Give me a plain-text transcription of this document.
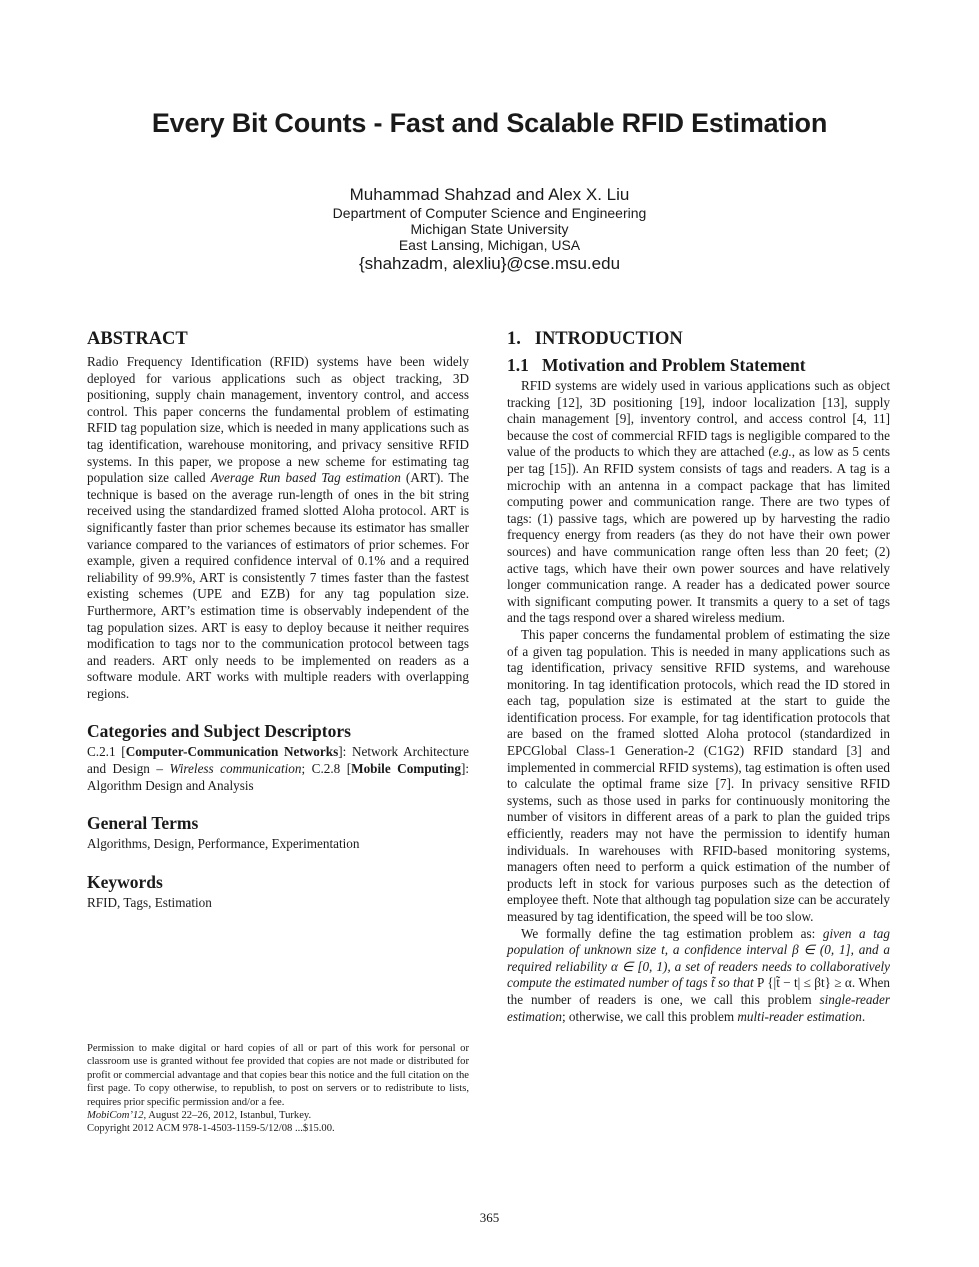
Every Bit Counts - Fast and Scalable RFID Estimation
Muhammad Shahzad and Alex X. Liu
Department of Computer Science and Engineering
Michigan State University
East Lansing, Michigan, USA
{shahzadm, alexliu}@cse.msu.edu
ABSTRACT

Radio Frequency Identification (RFID) systems have been widely deployed for various applications such as object tracking, 3D positioning, supply chain management, inventory control, and access control. This paper concerns the fundamental problem of estimating RFID tag population size, which is needed in many applications such as tag identification, warehouse monitoring, and privacy sensitive RFID systems. In this paper, we propose a new scheme for estimating tag population size called Average Run based Tag estimation (ART). The technique is based on the average run-length of ones in the bit string received using the standardized framed slotted Aloha protocol. ART is significantly faster than prior schemes because its estimator has smaller variance compared to the variances of estimators of prior schemes. For example, given a required confidence interval of 0.1% and a required reliability of 99.9%, ART is consistently 7 times faster than the fastest existing schemes (UPE and EZB) for any tag population size. Furthermore, ART’s estimation time is observably independent of the tag population sizes. ART is easy to deploy because it neither requires modification to tags nor to the communication protocol between tags and readers. ART only needs to be implemented on readers as a software module. ART works with multiple readers with overlapping regions.

Categories and Subject Descriptors

C.2.1 [Computer-Communication Networks]: Network Architecture and Design – Wireless communication; C.2.8 [Mobile Computing]: Algorithm Design and Analysis

General Terms

Algorithms, Design, Performance, Experimentation

Keywords

RFID, Tags, Estimation

Permission to make digital or hard copies of all or part of this work for personal or classroom use is granted without fee provided that copies are not made or distributed for profit or commercial advantage and that copies bear this notice and the full citation on the first page. To copy otherwise, to republish, to post on servers or to redistribute to lists, requires prior specific permission and/or a fee.

MobiCom’12, August 22–26, 2012, Istanbul, Turkey.

Copyright 2012 ACM 978-1-4503-1159-5/12/08 ...$15.00.

1.   INTRODUCTION
1.1   Motivation and Problem Statement

RFID systems are widely used in various applications such as object tracking [12], 3D positioning [19], indoor localization [13], supply chain management [9], inventory control, and access control [4, 11] because the cost of commercial RFID tags is negligible compared to the value of the products to which they are attached (e.g., as low as 5 cents per tag [15]). An RFID system consists of tags and readers. A tag is a microchip with an antenna in a compact package that has limited computing power and communication range. There are two types of tags: (1) passive tags, which are powered up by harvesting the radio frequency energy from readers (as they do not have their own power sources) and have communication range often less than 20 feet; (2) active tags, which have their own power sources and have relatively longer communication range. A reader has a dedicated power source with significant computing power. It transmits a query to a set of tags and the tags respond over a shared wireless medium.

This paper concerns the fundamental problem of estimating the size of a given tag population. This is needed in many applications such as tag identification, privacy sensitive RFID systems, and warehouse monitoring. In tag identification protocols, which read the ID stored in each tag, population size is estimated at the start to guide the identification process. For example, for tag identification protocols that are based on the framed slotted Aloha protocol (standardized in EPCGlobal Class-1 Generation-2 (C1G2) RFID standard [3] and implemented in commercial RFID systems), tag estimation is often used to calculate the optimal frame size [7]. In privacy sensitive RFID systems, such as those used in parks for continuously monitoring the number of visitors in different areas of a park to plan the guided trips efficiently, readers may not have the permission to identify human individuals. In warehouses with RFID-based monitoring systems, managers often need to perform a quick estimation of the number of products left in stock for various purposes such as the detection of employee theft. Note that although tag population size can be accurately measured by tag identification, the speed will be too slow.

We formally define the tag estimation problem as: given a tag population of unknown size t, a confidence interval β ∈ (0, 1], and a required reliability α ∈ [0, 1), a set of readers needs to collaboratively compute the estimated number of tags t̃ so that P {|t̃ − t| ≤ βt} ≥ α. When the number of readers is one, we call this problem single-reader estimation; otherwise, we call this problem multi-reader estimation.

365
